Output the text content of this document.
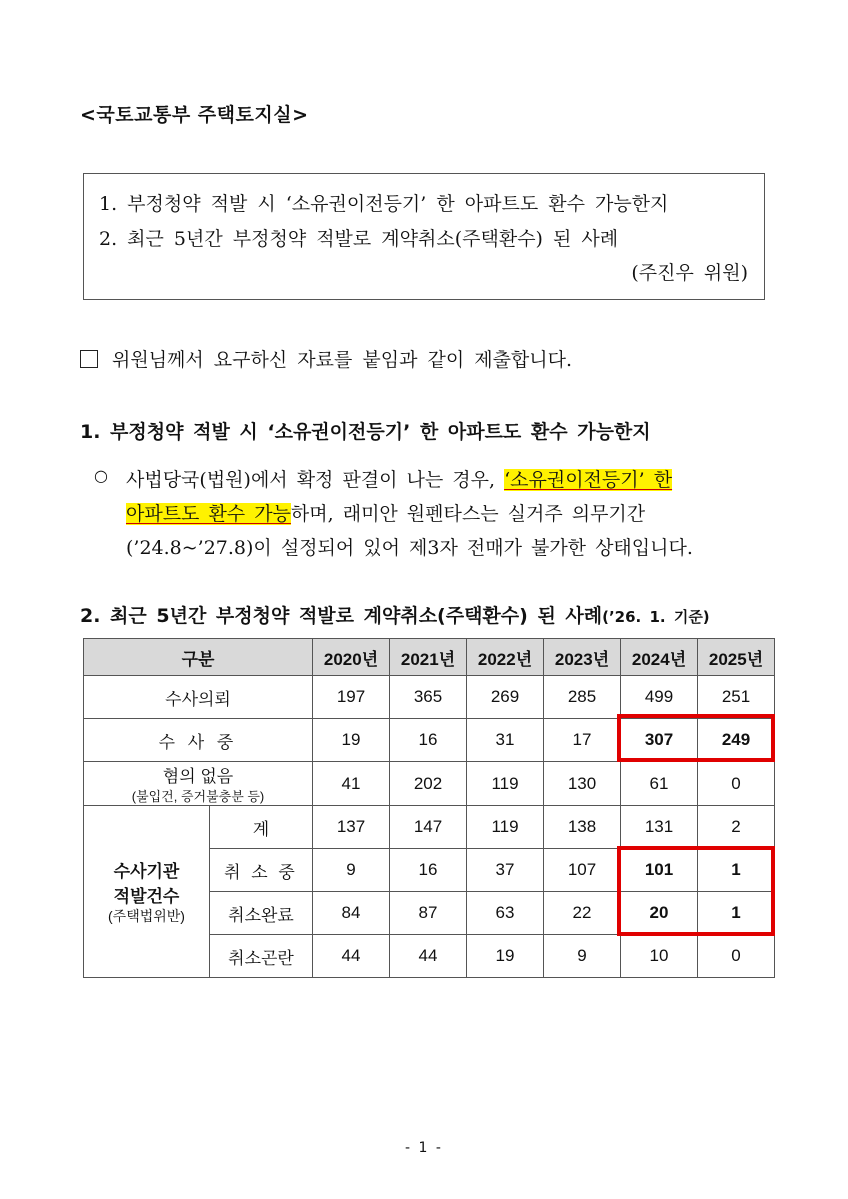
<국토교통부 주택토지실>
1. 부정청약 적발 시 ‘소유권이전등기’ 한 아파트도 환수 가능한지
2. 최근 5년간 부정청약 적발로 계약취소(주택환수) 된 사례
(주진우 위원)
위원님께서 요구하신 자료를 붙임과 같이 제출합니다.
1. 부정청약 적발 시 ‘소유권이전등기’ 한 아파트도 환수 가능한지
○ 사법당국(법원)에서 확정 판결이 나는 경우, ‘소유권이전등기’ 한
아파트도 환수 가능하며, 래미안 원펜타스는 실거주 의무기간
(’24.8~’27.8)이 설정되어 있어 제3자 전매가 불가한 상태입니다.
2. 최근 5년간 부정청약 적발로 계약취소(주택환수) 된 사례(’26. 1. 기준)
구분		2020년	2021년	2022년	2023년	2024년	2025년
수사의뢰		197	365	269	285	499	251
수 사 중		19	16	31	17	307	249
혐의 없음
(불입건, 증거불충분 등)		41	202	119	130	61	0

수사기관
적발건수
(주택법위반)	계	137	147	119	138	131	2
	취 소 중	9	16	37	107	101	1
	취소완료	84	87	63	22	20	1
	취소곤란	44	44	19	9	10	0
- 1 -
